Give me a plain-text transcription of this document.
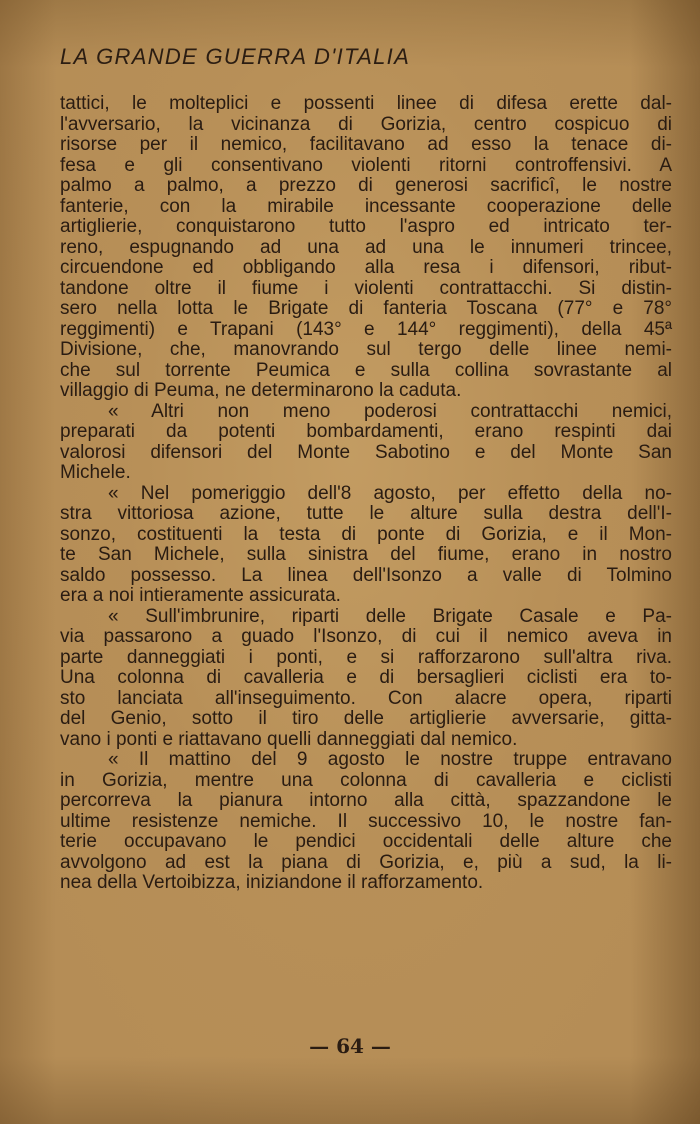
LA GRANDE GUERRA D'ITALIA
tattici, le molteplici e possenti linee di difesa erette dal-
l'avversario, la vicinanza di Gorizia, centro cospicuo di
risorse per il nemico, facilitavano ad esso la tenace di-
fesa e gli consentivano violenti ritorni controffensivi. A
palmo a palmo, a prezzo di generosi sacrificî, le nostre
fanterie, con la mirabile incessante cooperazione delle
artiglierie, conquistarono tutto l'aspro ed intricato ter-
reno, espugnando ad una ad una le innumeri trincee,
circuendone ed obbligando alla resa i difensori, ribut-
tandone oltre il fiume i violenti contrattacchi. Si distin-
sero nella lotta le Brigate di fanteria Toscana (77° e 78°
reggimenti) e Trapani (143° e 144° reggimenti), della 45ª
Divisione, che, manovrando sul tergo delle linee nemi-
che sul torrente Peumica e sulla collina sovrastante al
villaggio di Peuma, ne determinarono la caduta.
« Altri non meno poderosi contrattacchi nemici,
preparati da potenti bombardamenti, erano respinti dai
valorosi difensori del Monte Sabotino e del Monte San
Michele.
« Nel pomeriggio dell'8 agosto, per effetto della no-
stra vittoriosa azione, tutte le alture sulla destra dell'I-
sonzo, costituenti la testa di ponte di Gorizia, e il Mon-
te San Michele, sulla sinistra del fiume, erano in nostro
saldo possesso. La linea dell'Isonzo a valle di Tolmino
era a noi intieramente assicurata.
« Sull'imbrunire, riparti delle Brigate Casale e Pa-
via passarono a guado l'Isonzo, di cui il nemico aveva in
parte danneggiati i ponti, e si rafforzarono sull'altra riva.
Una colonna di cavalleria e di bersaglieri ciclisti era to-
sto lanciata all'inseguimento. Con alacre opera, riparti
del Genio, sotto il tiro delle artiglierie avversarie, gitta-
vano i ponti e riattavano quelli danneggiati dal nemico.
« Il mattino del 9 agosto le nostre truppe entravano
in Gorizia, mentre una colonna di cavalleria e ciclisti
percorreva la pianura intorno alla città, spazzandone le
ultime resistenze nemiche. Il successivo 10, le nostre fan-
terie occupavano le pendici occidentali delle alture che
avvolgono ad est la piana di Gorizia, e, più a sud, la li-
nea della Vertoibizza, iniziandone il rafforzamento.
— 64 —
